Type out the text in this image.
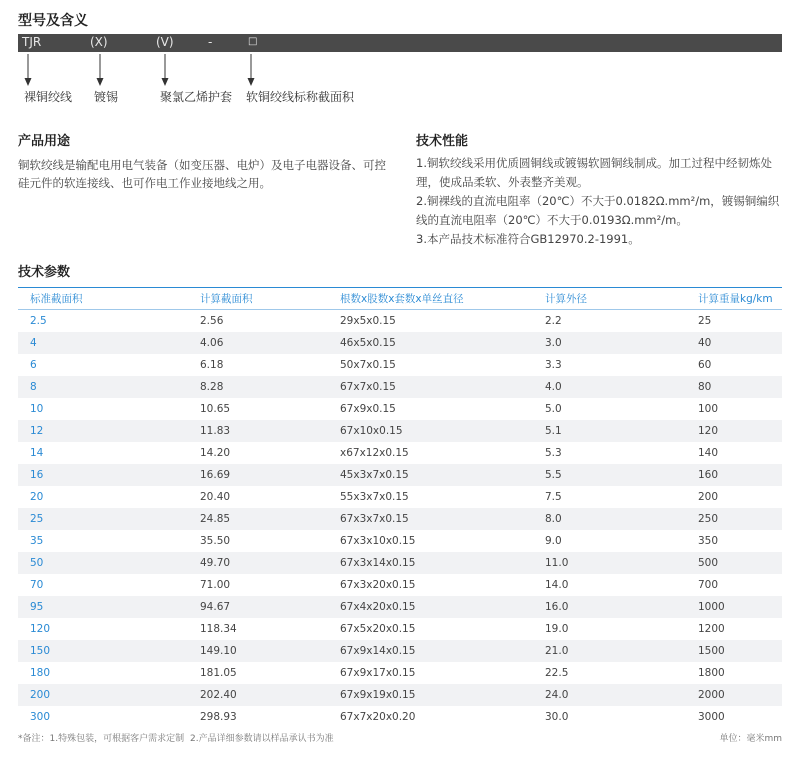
型号及含义
TJR	(X)	(V)	-	□
裸铜绞线 镀锡	聚氯乙烯护套 软铜绞线标称截面积
产品用途
铜软绞线是输配电用电气装备（如变压器、电炉）及电子电器设备、可控
硅元件的软连接线、也可作电工作业接地线之用。
技术性能
1.铜软绞线采用优质圆铜线或镀锡软圆铜线制成。加工过程中经韧炼处
理，使成品柔软、外表整齐美观。
2.铜裸线的直流电阻率（20℃）不大于0.0182Ω.mm²/m，镀锡铜编织
线的直流电阻率（20℃）不大于0.0193Ω.mm²/m。
3.本产品技术标准符合GB12970.2-1991。
技术参数
标准截面积	计算截面积	根数x股数x套数x单丝直径	计算外径	计算重量kg/km
2.5	2.56	29x5x0.15	2.2	25
4	4.06	46x5x0.15	3.0	40
6	6.18	50x7x0.15	3.3	60
8	8.28	67x7x0.15	4.0	80
10	10.65	67x9x0.15	5.0	100
12	11.83	67x10x0.15	5.1	120
14	14.20	x67x12x0.15	5.3	140
16	16.69	45x3x7x0.15	5.5	160
20	20.40	55x3x7x0.15	7.5	200
25	24.85	67x3x7x0.15	8.0	250
35	35.50	67x3x10x0.15	9.0	350
50	49.70	67x3x14x0.15	11.0	500
70	71.00	67x3x20x0.15	14.0	700
95	94.67	67x4x20x0.15	16.0	1000
120	118.34	67x5x20x0.15	19.0	1200
150	149.10	67x9x14x0.15	21.0	1500
180	181.05	67x9x17x0.15	22.5	1800
200	202.40	67x9x19x0.15	24.0	2000
300	298.93	67x7x20x0.20	30.0	3000
*备注：1.特殊包装，可根据客户需求定制 2.产品详细参数请以样品承认书为准	单位：毫米mm
